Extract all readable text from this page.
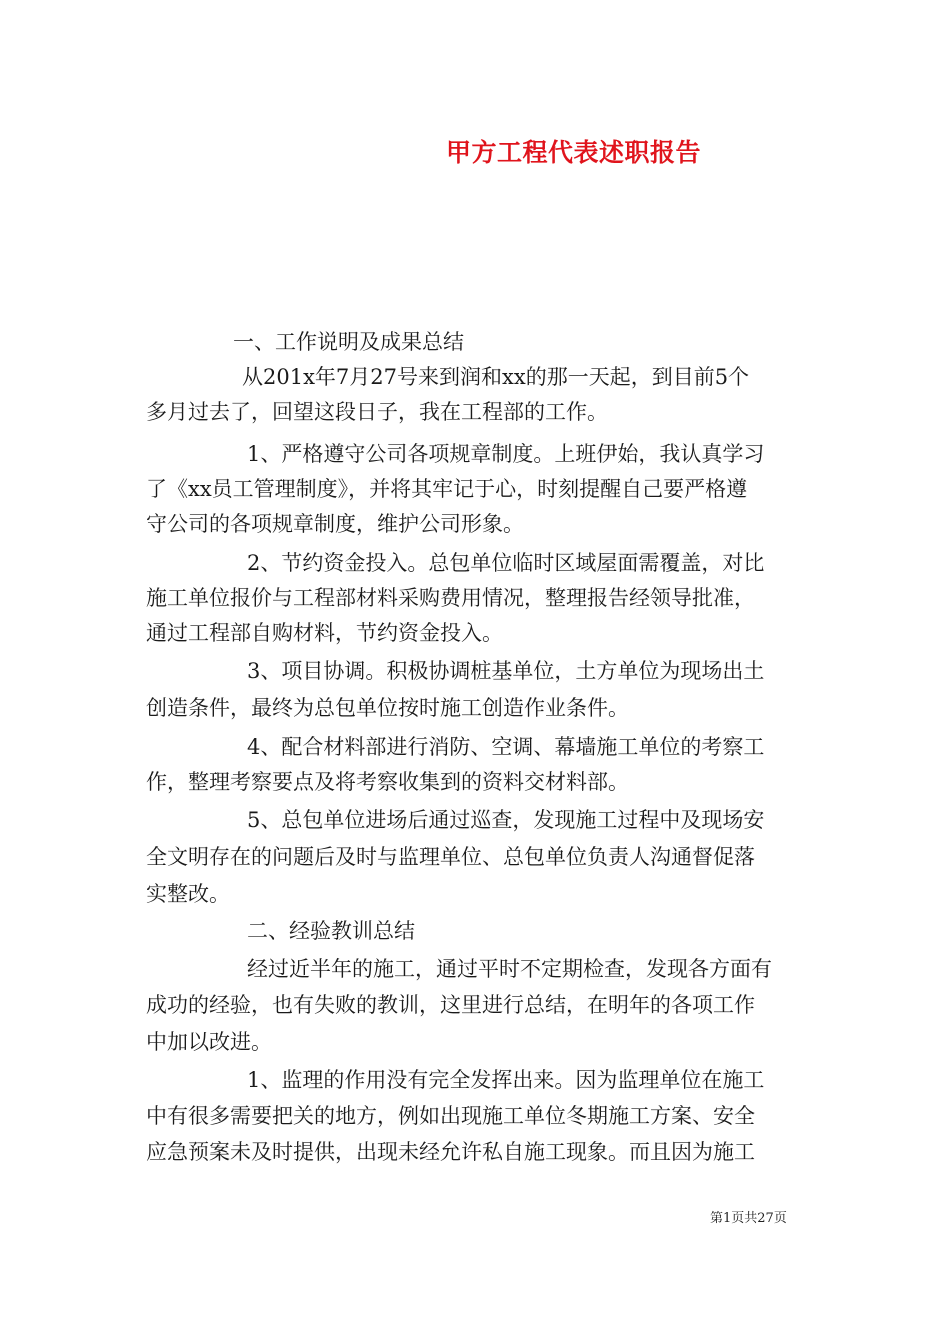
甲方工程代表述职报告
一、工作说明及成果总结
从201x年7月27号来到润和xx的那一天起，到目前5个
多月过去了，回望这段日子，我在工程部的工作。
1、严格遵守公司各项规章制度。上班伊始，我认真学习
了《xx员工管理制度》，并将其牢记于心，时刻提醒自己要严格遵
守公司的各项规章制度，维护公司形象。
2、节约资金投入。总包单位临时区域屋面需覆盖，对比
施工单位报价与工程部材料采购费用情况，整理报告经领导批准，
通过工程部自购材料，节约资金投入。
3、项目协调。积极协调桩基单位，土方单位为现场出土
创造条件，最终为总包单位按时施工创造作业条件。
4、配合材料部进行消防、空调、幕墙施工单位的考察工
作，整理考察要点及将考察收集到的资料交材料部。
5、总包单位进场后通过巡查，发现施工过程中及现场安
全文明存在的问题后及时与监理单位、总包单位负责人沟通督促落
实整改。
二、经验教训总结
经过近半年的施工，通过平时不定期检查，发现各方面有
成功的经验，也有失败的教训，这里进行总结，在明年的各项工作
中加以改进。
1、监理的作用没有完全发挥出来。因为监理单位在施工
中有很多需要把关的地方，例如出现施工单位冬期施工方案、安全
应急预案未及时提供，出现未经允许私自施工现象。而且因为施工
第1页共27页
